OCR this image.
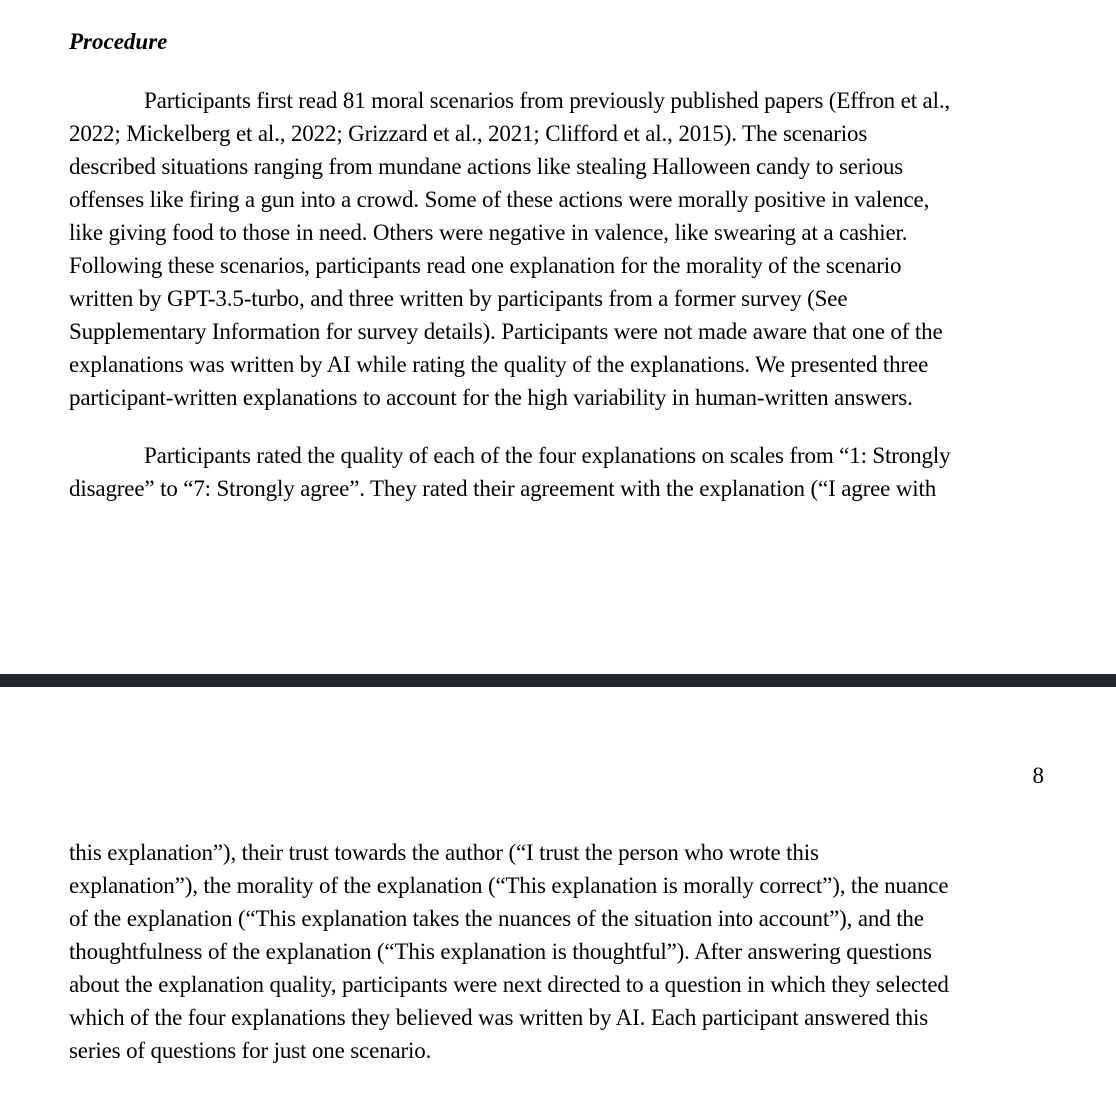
Procedure

Participants first read 81 moral scenarios from previously published papers (Effron et al.,
2022; Mickelberg et al., 2022; Grizzard et al., 2021; Clifford et al., 2015). The scenarios
described situations ranging from mundane actions like stealing Halloween candy to serious
offenses like firing a gun into a crowd. Some of these actions were morally positive in valence,
like giving food to those in need. Others were negative in valence, like swearing at a cashier.
Following these scenarios, participants read one explanation for the morality of the scenario
written by GPT-3.5-turbo, and three written by participants from a former survey (See
Supplementary Information for survey details). Participants were not made aware that one of the
explanations was written by AI while rating the quality of the explanations. We presented three
participant-written explanations to account for the high variability in human-written answers.

Participants rated the quality of each of the four explanations on scales from “1: Strongly
disagree” to “7: Strongly agree”. They rated their agreement with the explanation (“I agree with

8

this explanation”), their trust towards the author (“I trust the person who wrote this
explanation”), the morality of the explanation (“This explanation is morally correct”), the nuance
of the explanation (“This explanation takes the nuances of the situation into account”), and the
thoughtfulness of the explanation (“This explanation is thoughtful”). After answering questions
about the explanation quality, participants were next directed to a question in which they selected
which of the four explanations they believed was written by AI. Each participant answered this
series of questions for just one scenario.
